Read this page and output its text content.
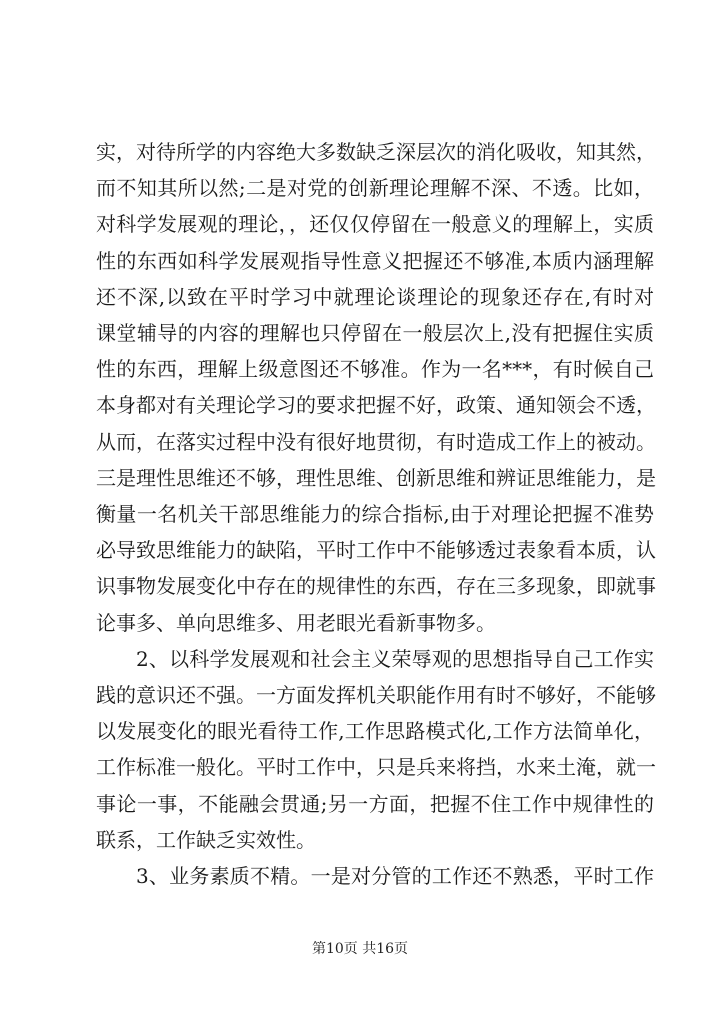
实，对待所学的内容绝大多数缺乏深层次的消化吸收，知其然，
而不知其所以然;二是对党的创新理论理解不深、不透。比如，
对科学发展观的理论，，还仅仅停留在一般意义的理解上，实质
性的东西如科学发展观指导性意义把握还不够准,本质内涵理解
还不深,以致在平时学习中就理论谈理论的现象还存在,有时对
课堂辅导的内容的理解也只停留在一般层次上,没有把握住实质
性的东西，理解上级意图还不够准。作为一名***，有时候自己
本身都对有关理论学习的要求把握不好，政策、通知领会不透，
从而，在落实过程中没有很好地贯彻，有时造成工作上的被动。
三是理性思维还不够，理性思维、创新思维和辨证思维能力，是
衡量一名机关干部思维能力的综合指标,由于对理论把握不准势
必导致思维能力的缺陷，平时工作中不能够透过表象看本质，认
识事物发展变化中存在的规律性的东西，存在三多现象，即就事
论事多、单向思维多、用老眼光看新事物多。
2、以科学发展观和社会主义荣辱观的思想指导自己工作实
践的意识还不强。一方面发挥机关职能作用有时不够好，不能够
以发展变化的眼光看待工作,工作思路模式化,工作方法简单化，
工作标准一般化。平时工作中，只是兵来将挡，水来土淹，就一
事论一事，不能融会贯通;另一方面，把握不住工作中规律性的
联系，工作缺乏实效性。
3、业务素质不精。一是对分管的工作还不熟悉，平时工作
第10页 共16页
